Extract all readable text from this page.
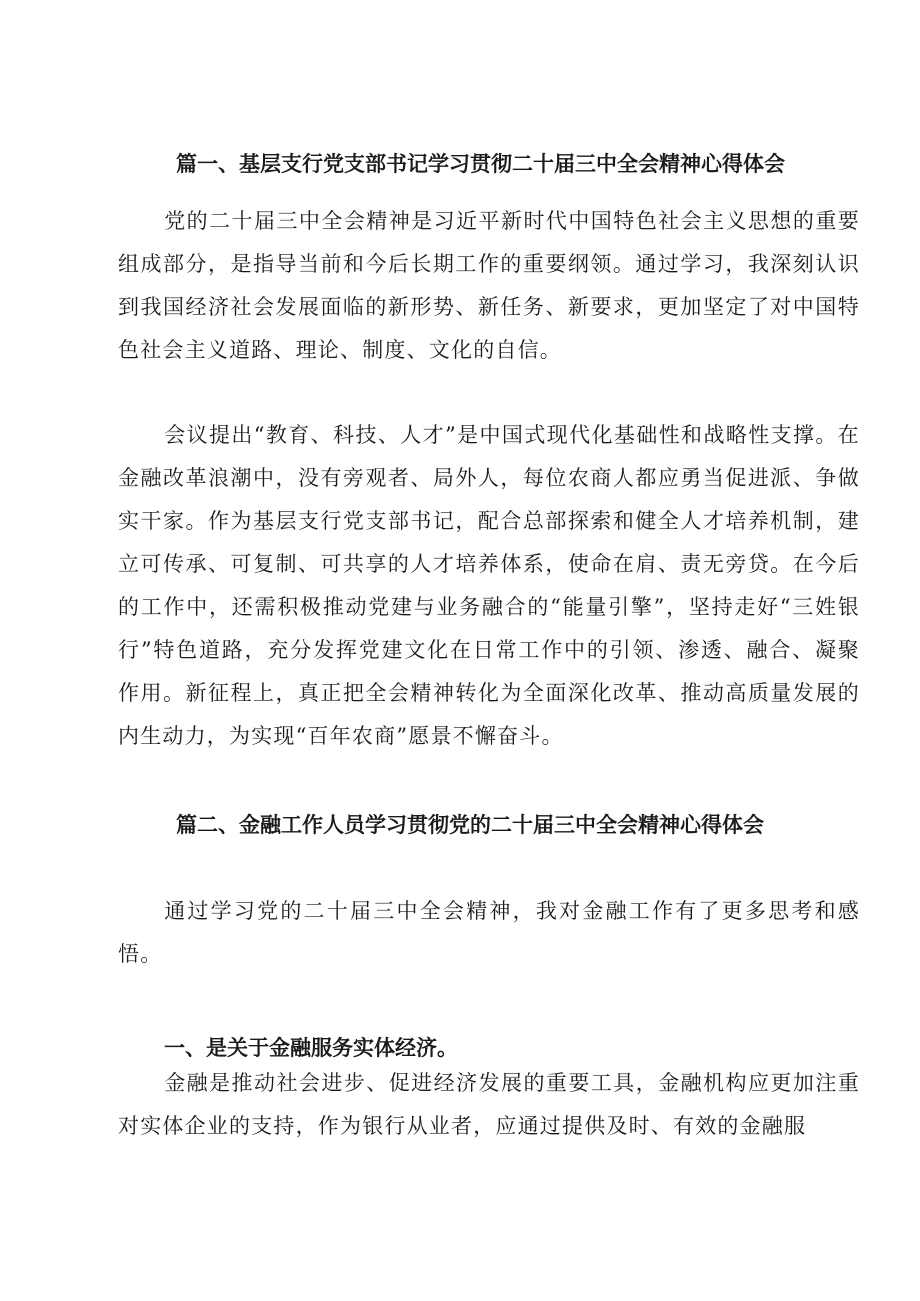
篇一、基层支行党支部书记学习贯彻二十届三中全会精神心得体会

党的二十届三中全会精神是习近平新时代中国特色社会主义思想的重要组成部分，是指导当前和今后长期工作的重要纲领。通过学习，我深刻认识到我国经济社会发展面临的新形势、新任务、新要求，更加坚定了对中国特色社会主义道路、理论、制度、文化的自信。

会议提出“教育、科技、人才”是中国式现代化基础性和战略性支撑。在金融改革浪潮中，没有旁观者、局外人，每位农商人都应勇当促进派、争做实干家。作为基层支行党支部书记，配合总部探索和健全人才培养机制，建立可传承、可复制、可共享的人才培养体系，使命在肩、责无旁贷。在今后的工作中，还需积极推动党建与业务融合的“能量引擎”，坚持走好“三姓银行”特色道路，充分发挥党建文化在日常工作中的引领、渗透、融合、凝聚作用。新征程上，真正把全会精神转化为全面深化改革、推动高质量发展的内生动力，为实现“百年农商”愿景不懈奋斗。

篇二、金融工作人员学习贯彻党的二十届三中全会精神心得体会

通过学习党的二十届三中全会精神，我对金融工作有了更多思考和感悟。

一、是关于金融服务实体经济。

金融是推动社会进步、促进经济发展的重要工具，金融机构应更加注重对实体企业的支持，作为银行从业者，应通过提供及时、有效的金融服
